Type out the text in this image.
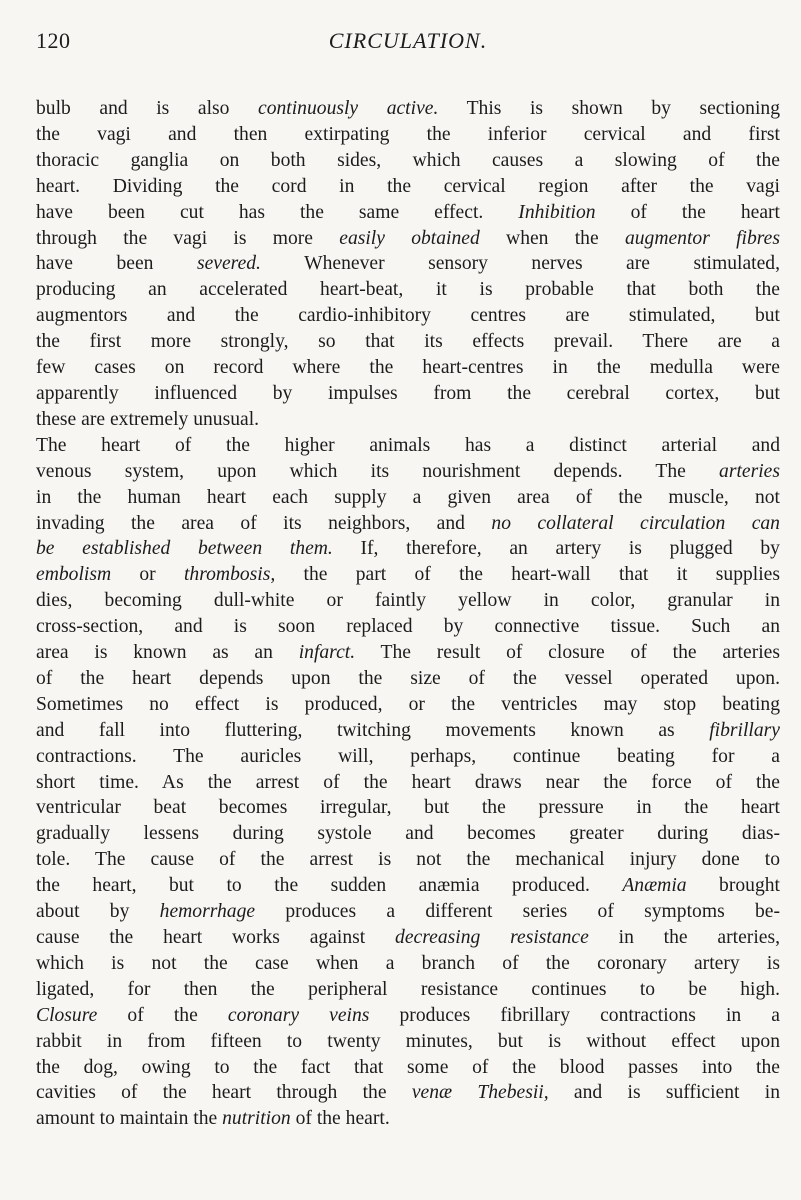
120	CIRCULATION.
bulb and is also continuously active. This is shown by sectioning
the vagi and then extirpating the inferior cervical and first
thoracic ganglia on both sides, which causes a slowing of the
heart. Dividing the cord in the cervical region after the vagi
have been cut has the same effect. Inhibition of the heart
through the vagi is more easily obtained when the augmentor fibres
have been severed. Whenever sensory nerves are stimulated,
producing an accelerated heart-beat, it is probable that both the
augmentors and the cardio-inhibitory centres are stimulated, but
the first more strongly, so that its effects prevail. There are a
few cases on record where the heart-centres in the medulla were
apparently influenced by impulses from the cerebral cortex, but
these are extremely unusual.
The heart of the higher animals has a distinct arterial and
venous system, upon which its nourishment depends. The arteries
in the human heart each supply a given area of the muscle, not
invading the area of its neighbors, and no collateral circulation can
be established between them. If, therefore, an artery is plugged by
embolism or thrombosis, the part of the heart-wall that it supplies
dies, becoming dull-white or faintly yellow in color, granular in
cross-section, and is soon replaced by connective tissue. Such an
area is known as an infarct. The result of closure of the arteries
of the heart depends upon the size of the vessel operated upon.
Sometimes no effect is produced, or the ventricles may stop beating
and fall into fluttering, twitching movements known as fibrillary
contractions. The auricles will, perhaps, continue beating for a
short time. As the arrest of the heart draws near the force of the
ventricular beat becomes irregular, but the pressure in the heart
gradually lessens during systole and becomes greater during dias-
tole. The cause of the arrest is not the mechanical injury done to
the heart, but to the sudden anæmia produced. Anæmia brought
about by hemorrhage produces a different series of symptoms be-
cause the heart works against decreasing resistance in the arteries,
which is not the case when a branch of the coronary artery is
ligated, for then the peripheral resistance continues to be high.
Closure of the coronary veins produces fibrillary contractions in a
rabbit in from fifteen to twenty minutes, but is without effect upon
the dog, owing to the fact that some of the blood passes into the
cavities of the heart through the venæ Thebesii, and is sufficient in
amount to maintain the nutrition of the heart.
